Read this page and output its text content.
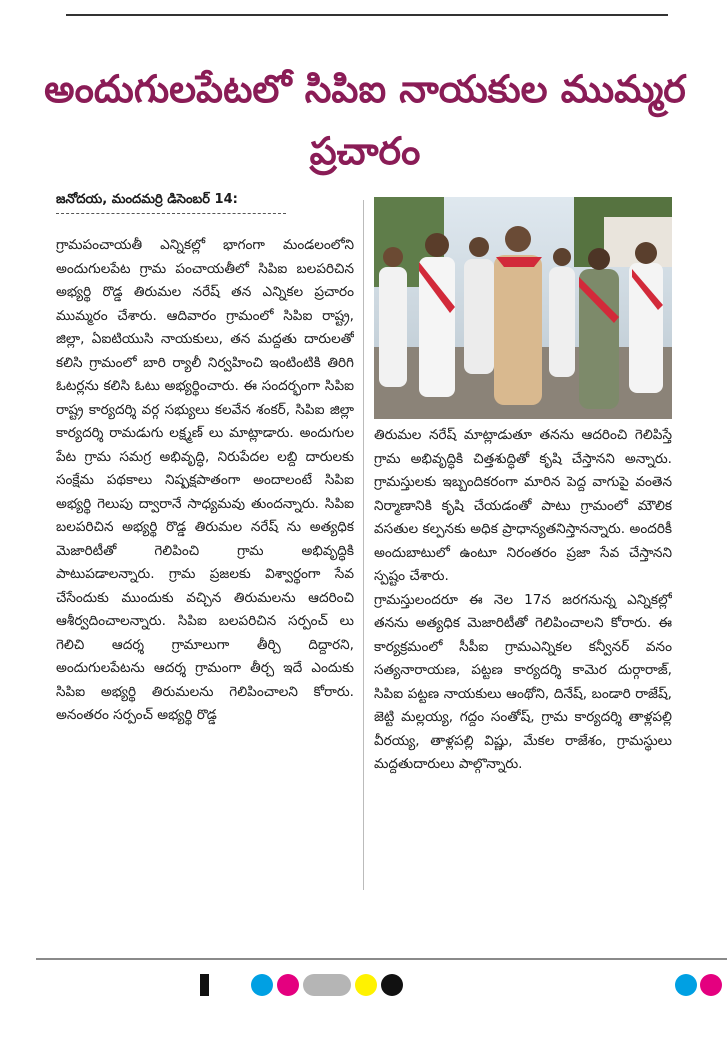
అందుగులపేటలో సిపిఐ నాయకుల ముమ్మర ప్రచారం
జనోదయ, మందమర్రి డిసెంబర్ 14:

గ్రామపంచాయతీ ఎన్నికల్లో భాగంగా మండలంలోని అందుగులపేట గ్రామ పంచాయతీలో సిపిఐ బలపరిచిన అభ్యర్థి రొడ్డ తిరుమల నరేష్ తన ఎన్నికల ప్రచారం ముమ్మరం చేశారు. ఆదివారం గ్రామంలో సిపిఐ రాష్ట్ర, జిల్లా, ఏఐటియుసి నాయకులు, తన మద్దతు దారులతో కలిసి గ్రామంలో బారి ర్యాలీ నిర్వహించి ఇంటింటికి తిరిగి ఓటర్లను కలిసి ఓటు అభ్యర్థించారు. ఈ సందర్భంగా సిపిఐ రాష్ట్ర కార్యదర్శి వర్గ సభ్యులు కలవేన శంకర్, సిపిఐ జిల్లా కార్యదర్శి రామడుగు లక్ష్మణ్ లు మాట్లాడారు. అందుగుల పేట గ్రామ సమగ్ర అభివృద్ధి, నిరుపేదల లబ్ది దారులకు సంక్షేమ పథకాలు నిష్పక్షపాతంగా అందాలంటే సిపిఐ అభ్యర్థి గెలుపు ద్వారానే సాధ్యమవు తుందన్నారు. సిపిఐ బలపరిచిన అభ్యర్థి రొడ్డ తిరుమల నరేష్ ను అత్యధిక మెజారిటీతో గెలిపించి గ్రామ అభివృద్ధికి పాటుపడాలన్నారు. గ్రామ ప్రజలకు విశ్వార్థంగా సేవ చేసేందుకు ముందుకు వచ్చిన తిరుమలను ఆదరించి ఆశీర్వదించాలన్నారు. సిపిఐ బలపరిచిన సర్పంచ్ లు గెలిచి ఆదర్శ గ్రామాలుగా తీర్చి దిద్దారని, అందుగులపేటను ఆదర్శ గ్రామంగా తీర్చ ఇదే ఎందుకు సిపిఐ అభ్యర్థి తిరుమలను గెలిపించాలని కోరారు. అనంతరం సర్పంచ్ అభ్యర్థి రొడ్డ

తిరుమల నరేష్ మాట్లాడుతూ తనను ఆదరించి గెలిపిస్తే గ్రామ అభివృద్ధికి చిత్తశుద్ధితో కృషి చేస్తానని అన్నారు. గ్రామస్తులకు ఇబ్బందికరంగా మారిన పెద్ద వాగుపై వంతెన నిర్మాణానికి కృషి చేయడంతో పాటు గ్రామంలో మౌలిక వసతుల కల్పనకు అధిక ప్రాధాన్యతనిస్తానన్నారు. అందరికీ అందుబాటులో ఉంటూ నిరంతరం ప్రజా సేవ చేస్తానని స్పష్టం చేశారు.

గ్రామస్తులందరూ ఈ నెల 17న జరగనున్న ఎన్నికల్లో తనను అత్యధిక మెజారిటీతో గెలిపించాలని కోరారు. ఈ కార్యక్రమంలో సీపీఐ గ్రామఎన్నికల కన్వీనర్ వనం సత్యనారాయణ, పట్టణ కార్యదర్శి కామెర దుర్గారాజ్, సిపిఐ పట్టణ నాయకులు ఆంథోని, దినేష్, బండారి రాజేష్, జెట్టి మల్లయ్య, గద్దం సంతోష్, గ్రామ కార్యదర్శి తాళ్లపల్లి వీరయ్య, తాళ్లపల్లి విష్ణు, మేకల రాజేశం, గ్రామస్థులు మద్దతుదారులు పాల్గొన్నారు.
